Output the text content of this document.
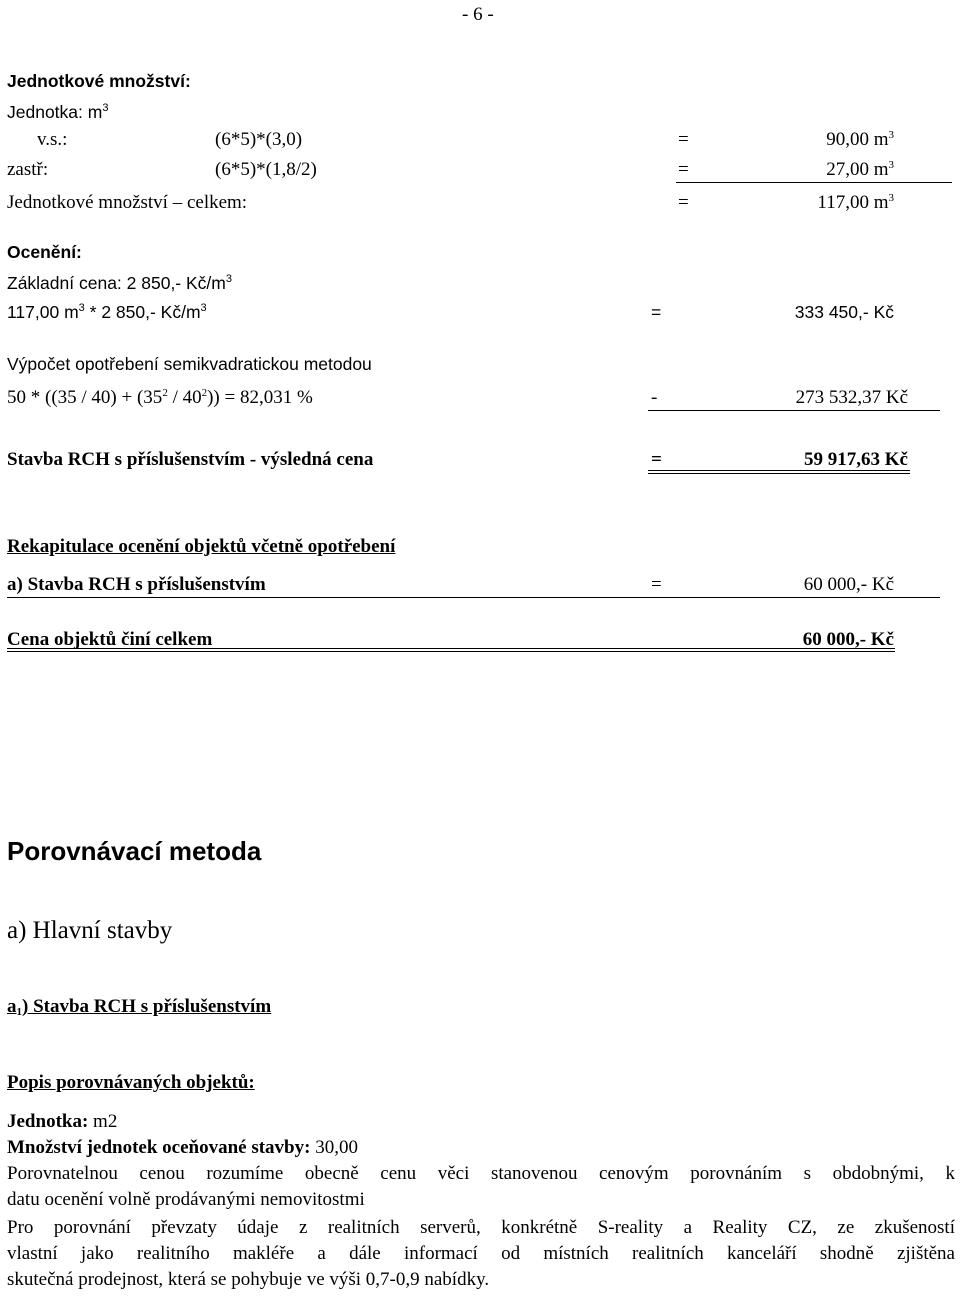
- 6 -
Jednotkové množství:
Jednotka: $m^3$
v.s.:	(6*5)*(3,0)	=	90,00 $m^3$
zastř:	(6*5)*(1,8/2)	=	27,00 $m^3$
Jednotkové množství – celkem:	=	117,00 $m^3$
Ocenění:
Základní cena: 2 850,- $Kč/m^3$
117,00 $m^3 * 2$ 850,- $Kč/m^3$	=	333 450,- Kč
Výpočet opotřebení semikvadratickou metodou
$50 * ((35 / 40) + (35^2 / 40^2)) = 82,031$ %	-	273 532,37 Kč
Stavba RCH s příslušenstvím - výsledná cena	=	59 917,63 Kč
Rekapitulace ocenění objektů včetně opotřebení
a) Stavba RCH s příslušenstvím	=	60 000,- Kč
Cena objektů činí celkem	60 000,- Kč
Porovnávací metoda
a) Hlavní stavby
$a_1$) Stavba RCH s příslušenstvím
Popis porovnávaných objektů:
Jednotka: m2
Množství jednotek oceňované stavby: 30,00
Porovnatelnou cenou rozumíme obecně cenu věci stanovenou cenovým porovnáním s obdobnými, k
datu ocenění volně prodávanými nemovitostmi
Pro porovnání převzaty údaje z realitních serverů, konkrétně S-reality a Reality CZ, ze zkušeností
vlastní jako realitního makléře a dále informací od místních realitních kanceláří shodně zjištěna
skutečná prodejnost, která se pohybuje ve výši 0,7-0,9 nabídky.
